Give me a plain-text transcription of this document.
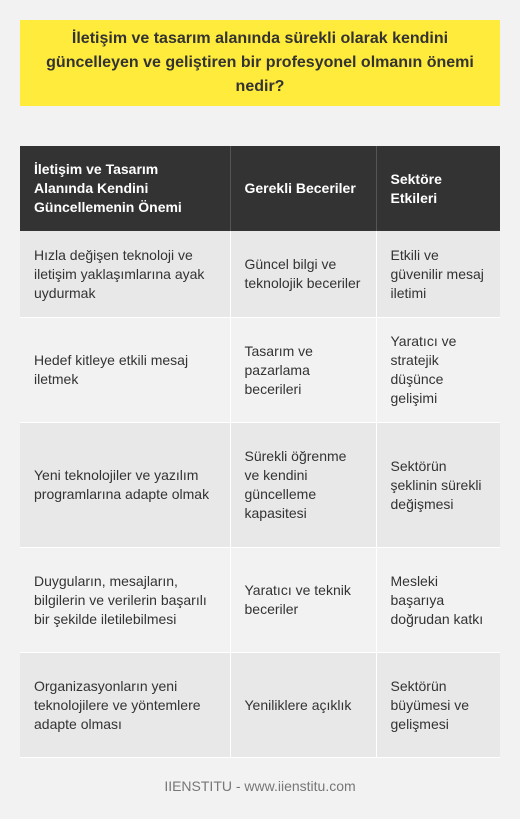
İletişim ve tasarım alanında sürekli olarak kendini güncelleyen ve geliştiren bir profesyonel olmanın önemi nedir?
İletişim ve Tasarım Alanında Kendini Güncellemenin Önemi	Gerekli Beceriler	Sektöre Etkileri
Hızla değişen teknoloji ve iletişim yaklaşımlarına ayak uydurmak	Güncel bilgi ve teknolojik beceriler	Etkili ve güvenilir mesaj iletimi
Hedef kitleye etkili mesaj iletmek	Tasarım ve pazarlama becerileri	Yaratıcı ve stratejik düşünce gelişimi
Yeni teknolojiler ve yazılım programlarına adapte olmak	Sürekli öğrenme ve kendini güncelleme kapasitesi	Sektörün şeklinin sürekli değişmesi
Duyguların, mesajların, bilgilerin ve verilerin başarılı bir şekilde iletilebilmesi	Yaratıcı ve teknik beceriler	Mesleki başarıya doğrudan katkı
Organizasyonların yeni teknolojilere ve yöntemlere adapte olması	Yeniliklere açıklık	Sektörün büyümesi ve gelişmesi
IIENSTITU - www.iienstitu.com
